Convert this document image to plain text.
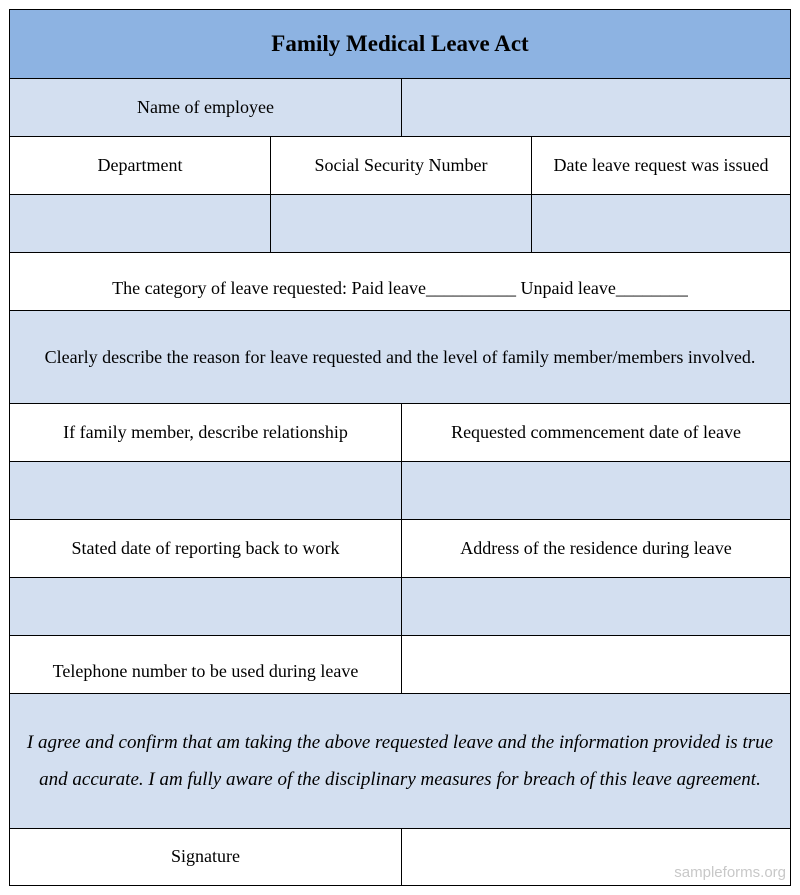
Family Medical Leave Act
Name of employee
Department	Social Security Number	Date leave request was issued
The category of leave requested: Paid leave__________ Unpaid leave________
Clearly describe the reason for leave requested and the level of family member/members involved.
If family member, describe relationship	Requested commencement date of leave
Stated date of reporting back to work	Address of the residence during leave
Telephone number to be used during leave
I agree and confirm that am taking the above requested leave and the information provided is true and accurate. I am fully aware of the disciplinary measures for breach of this leave agreement.
Signature
sampleforms.org
